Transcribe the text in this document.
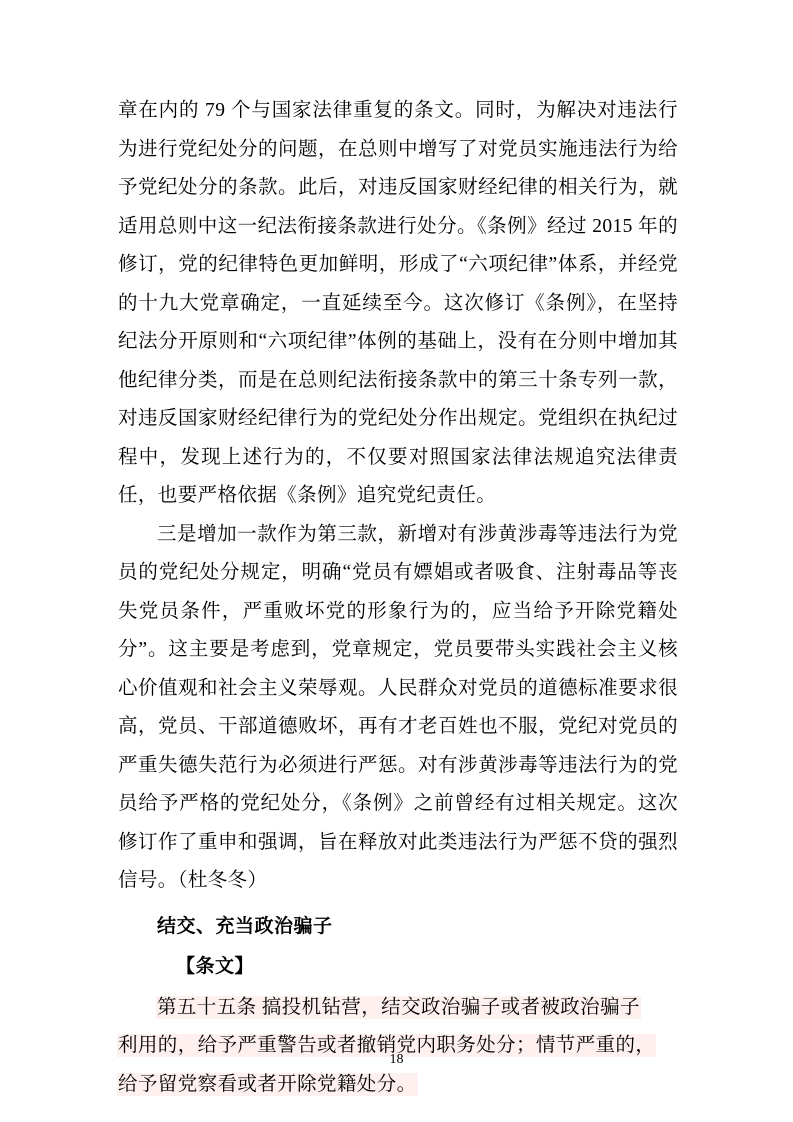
章在内的 79 个与国家法律重复的条文。同时，为解决对违法行为进行党纪处分的问题，在总则中增写了对党员实施违法行为给予党纪处分的条款。此后，对违反国家财经纪律的相关行为，就适用总则中这一纪法衔接条款进行处分。《条例》经过 2015 年的修订，党的纪律特色更加鲜明，形成了“六项纪律”体系，并经党的十九大党章确定，一直延续至今。这次修订《条例》，在坚持纪法分开原则和“六项纪律”体例的基础上，没有在分则中增加其他纪律分类，而是在总则纪法衔接条款中的第三十条专列一款，对违反国家财经纪律行为的党纪处分作出规定。党组织在执纪过程中，发现上述行为的，不仅要对照国家法律法规追究法律责任，也要严格依据《条例》追究党纪责任。

三是增加一款作为第三款，新增对有涉黄涉毒等违法行为党员的党纪处分规定，明确“党员有嫖娼或者吸食、注射毒品等丧失党员条件，严重败坏党的形象行为的，应当给予开除党籍处分”。这主要是考虑到，党章规定，党员要带头实践社会主义核心价值观和社会主义荣辱观。人民群众对党员的道德标准要求很高，党员、干部道德败坏，再有才老百姓也不服，党纪对党员的严重失德失范行为必须进行严惩。对有涉黄涉毒等违法行为的党员给予严格的党纪处分，《条例》之前曾经有过相关规定。这次修订作了重申和强调，旨在释放对此类违法行为严惩不贷的强烈信号。（杜冬冬）

结交、充当政治骗子
【条文】

第五十五条 搞投机钻营，结交政治骗子或者被政治骗子
利用的，给予严重警告或者撤销党内职务处分；情节严重的，
给予留党察看或者开除党籍处分。

18
